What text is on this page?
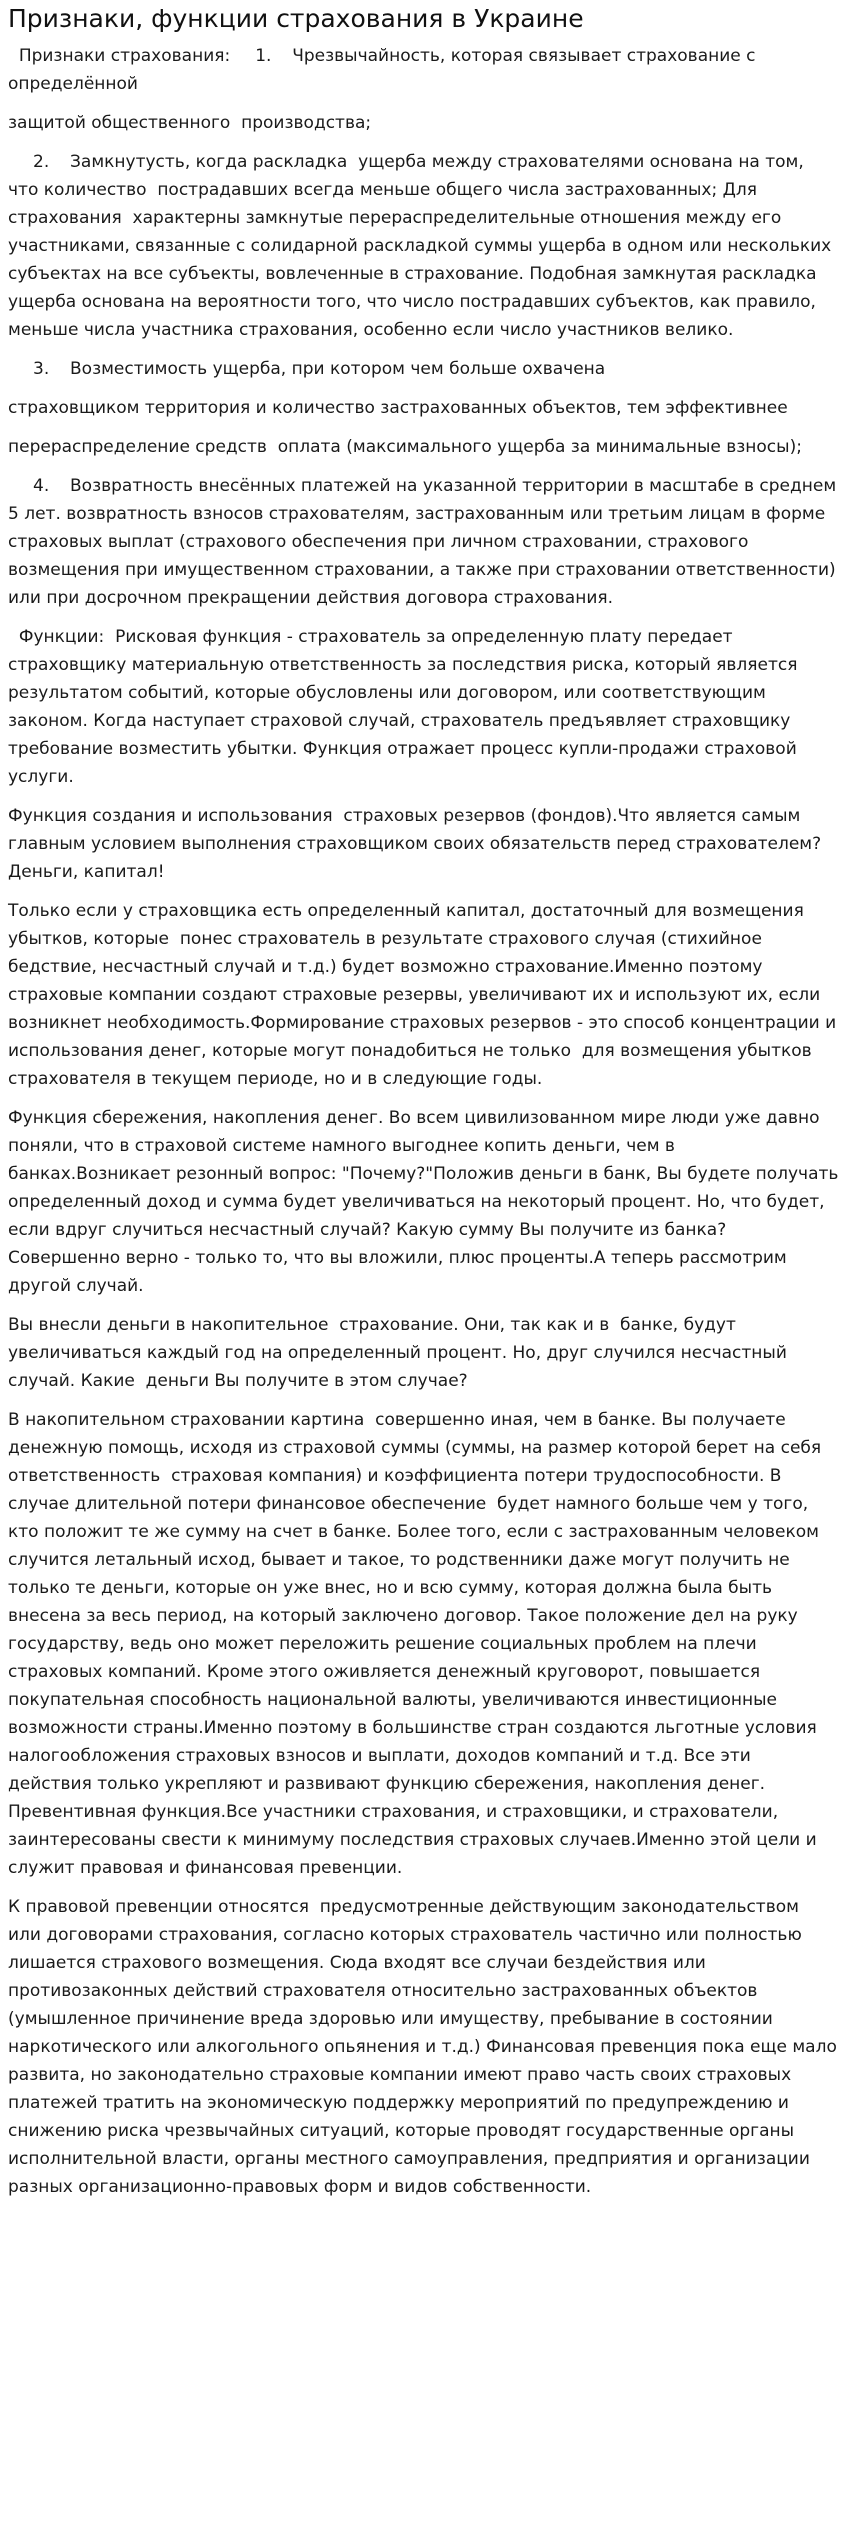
Признаки, функции страхования в Украине

Признаки страхования: 1. Чрезвычайность, которая связывает страхование с определённой

защитой общественного  производства;

2. Замкнутусть, когда раскладка  ущерба между страхователями основана на том, что количество  пострадавших всегда меньше общего числа застрахованных; Для страхования  характерны замкнутые перераспределительные отношения между его участниками, связанные с солидарной раскладкой суммы ущерба в одном или нескольких субъектах на все субъекты, вовлеченные в страхование. Подобная замкнутая раскладка ущерба основана на вероятности того, что число пострадавших субъектов, как правило, меньше числа участника страхования, особенно если число участников велико.

3. Возместимость ущерба, при котором чем больше охвачена

страховщиком территория и количество застрахованных объектов, тем эффективнее

перераспределение средств  оплата (максимального ущерба за минимальные взносы);

4. Возвратность внесённых платежей на указанной территории в масштабе в среднем 5 лет. возвратность взносов страхователям, застрахованным или третьим лицам в форме страховых выплат (страхового обеспечения при личном страховании, страхового возмещения при имущественном страховании, а также при страховании ответственности) или при досрочном прекращении действия договора страхования.

Функции: Рисковая функция - страхователь за определенную плату передает страховщику материальную ответственность за последствия риска, который является результатом событий, которые обусловлены или договором, или соответствующим законом. Когда наступает страховой случай, страхователь предъявляет страховщику требование возместить убытки. Функция отражает процесс купли-продажи страховой услуги.

Функция создания и использования  страховых резервов (фондов).Что является самым главным условием выполнения страховщиком своих обязательств перед страхователем?Деньги, капитал!

Только если у страховщика есть определенный капитал, достаточный для возмещения убытков, которые  понес страхователь в результате страхового случая (стихийное бедствие, несчастный случай и т.д.) будет возможно страхование.Именно поэтому страховые компании создают страховые резервы, увеличивают их и используют их, если возникнет необходимость.Формирование страховых резервов - это способ концентрации и использования денег, которые могут понадобиться не только  для возмещения убытков страхователя в текущем периоде, но и в следующие годы.

Функция сбережения, накопления денег. Во всем цивилизованном мире люди уже давно поняли, что в страховой системе намного выгоднее копить деньги, чем в банках.Возникает резонный вопрос: "Почему?"Положив деньги в банк, Вы будете получать определенный доход и сумма будет увеличиваться на некоторый процент. Но, что будет, если вдруг случиться несчастный случай? Какую сумму Вы получите из банка? Совершенно верно - только то, что вы вложили, плюс проценты.А теперь рассмотрим другой случай.

Вы внесли деньги в накопительное  страхование. Они, так как и в  банке, будут увеличиваться каждый год на определенный процент. Но, друг случился несчастный случай. Какие  деньги Вы получите в этом случае?

В накопительном страховании картина  совершенно иная, чем в банке. Вы получаете денежную помощь, исходя из страховой суммы (суммы, на размер которой берет на себя ответственность  страховая компания) и коэффициента потери трудоспособности. В случае длительной потери финансовое обеспечение  будет намного больше чем у того, кто положит те же сумму на счет в банке. Более того, если с застрахованным человеком случится летальный исход, бывает и такое, то родственники даже могут получить не только те деньги, которые он уже внес, но и всю сумму, которая должна была быть внесена за весь период, на который заключено договор. Такое положение дел на руку государству, ведь оно может переложить решение социальных проблем на плечи страховых компаний. Кроме этого оживляется денежный круговорот, повышается покупательная способность национальной валюты, увеличиваются инвестиционные возможности страны.Именно поэтому в большинстве стран создаются льготные условия налогообложения страховых взносов и выплати, доходов компаний и т.д. Все эти действия только укрепляют и развивают функцию сбережения, накопления денег.

Превентивная функция.Все участники страхования, и страховщики, и страхователи, заинтересованы свести к минимуму последствия страховых случаев.Именно этой цели и служит правовая и финансовая превенции.

К правовой превенции относятся  предусмотренные действующим законодательством  или договорами страхования, согласно которых страхователь частично или полностью лишается страхового возмещения. Сюда входят все случаи бездействия или противозаконных действий страхователя относительно застрахованных объектов (умышленное причинение вреда здоровью или имуществу, пребывание в состоянии наркотического или алкогольного опьянения и т.д.) Финансовая превенция пока еще мало развита, но законодательно страховые компании имеют право часть своих страховых платежей тратить на экономическую поддержку мероприятий по предупреждению и снижению риска чрезвычайных ситуаций, которые проводят государственные органы исполнительной власти, органы местного самоуправления, предприятия и организации разных организационно-правовых форм и видов собственности.
